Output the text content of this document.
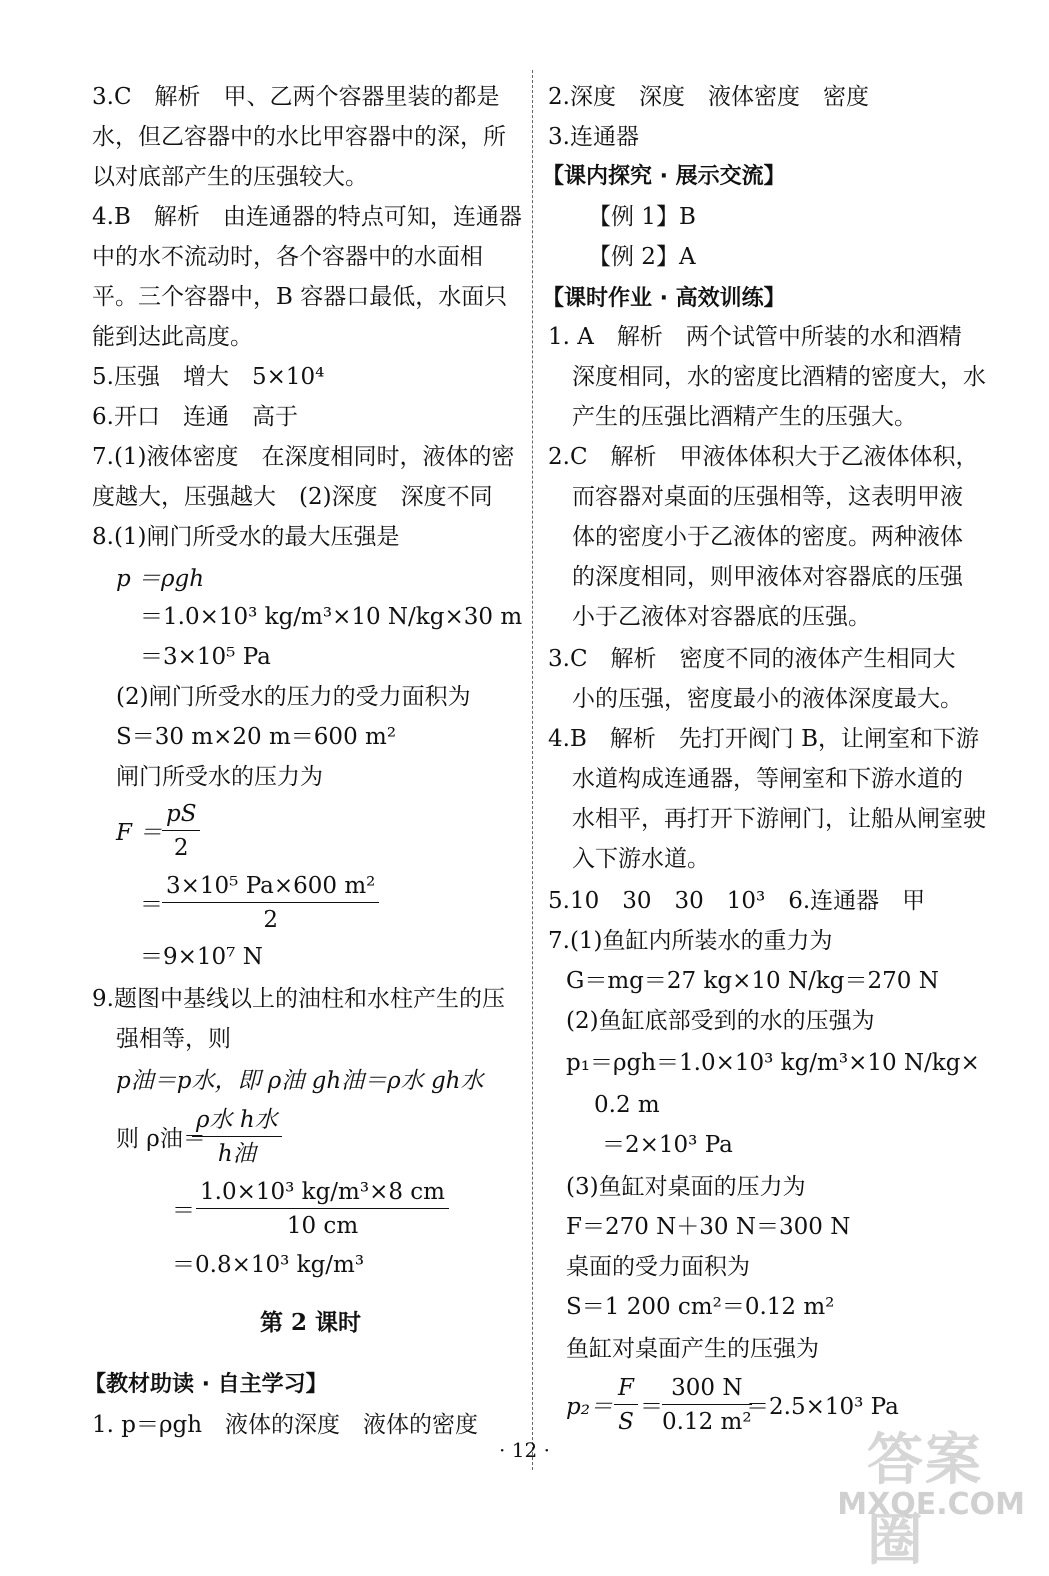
3.C　解析　甲、乙两个容器里装的都是
水，但乙容器中的水比甲容器中的深，所
以对底部产生的压强较大。
4.B　解析　由连通器的特点可知，连通器
中的水不流动时，各个容器中的水面相
平。三个容器中，B 容器口最低，水面只
能到达此高度。
5.压强　增大　5×10⁴
6.开口　连通　高于
7.(1)液体密度　在深度相同时，液体的密
度越大，压强越大　(2)深度　深度不同
8.(1)闸门所受水的最大压强是
p ＝ρgh
＝1.0×10³ kg/m³×10 N/kg×30 m
＝3×10⁵ Pa
(2)闸门所受水的压力的受力面积为
S＝30 m×20 m＝600 m²
闸门所受水的压力为
$F = \frac{pS}{2}$
＝ $\frac{\text{3×10⁵ Pa×600 m²}}{2}$
＝9×10⁷ N
9.题图中基线以上的油柱和水柱产生的压
强相等，则
p油＝p水，即 ρ油 gh油＝ρ水 gh水
则 ρ油＝
ρ水 h水
h油
＝ $\frac{\text{1.0×10³ kg/m³×8 cm}}{10 cm}$
＝0.8×10³ kg/m³
第 2 课时
【教材助读 · 自主学习】
1. p＝ρgh　液体的深度　液体的密度
2.深度　深度　液体密度　密度
3.连通器
【课内探究 · 展示交流】
【例 1】B
【例 2】A
【课时作业 · 高效训练】
1. A　解析　两个试管中所装的水和酒精
深度相同，水的密度比酒精的密度大，水
产生的压强比酒精产生的压强大。
2.C　解析　甲液体体积大于乙液体体积，
而容器对桌面的压强相等，这表明甲液
体的密度小于乙液体的密度。两种液体
的深度相同，则甲液体对容器底的压强
小于乙液体对容器底的压强。
3.C　解析　密度不同的液体产生相同大
小的压强，密度最小的液体深度最大。
4.B　解析　先打开阀门 B，让闸室和下游
水道构成连通器，等闸室和下游水道的
水相平，再打开下游闸门，让船从闸室驶
入下游水道。
5.10　30　30　10³　6.连通器　甲
7.(1)鱼缸内所装水的重力为
G＝mg＝27 kg×10 N/kg＝270 N
(2)鱼缸底部受到的水的压强为
p₁＝ρgh＝1.0×10³ kg/m³×10 N/kg×
0.2 m
＝2×10³ Pa
(3)鱼缸对桌面的压力为
F＝270 N＋30 N＝300 N
桌面的受力面积为
S＝1 200 cm²＝0.12 m²
鱼缸对桌面产生的压强为
$p_2= \frac{F}{S} = \frac{300 N}{\text{0.12 m²}}$
＝2.5×10³ Pa
· 12 ·	答案圈
MXQE.COM
